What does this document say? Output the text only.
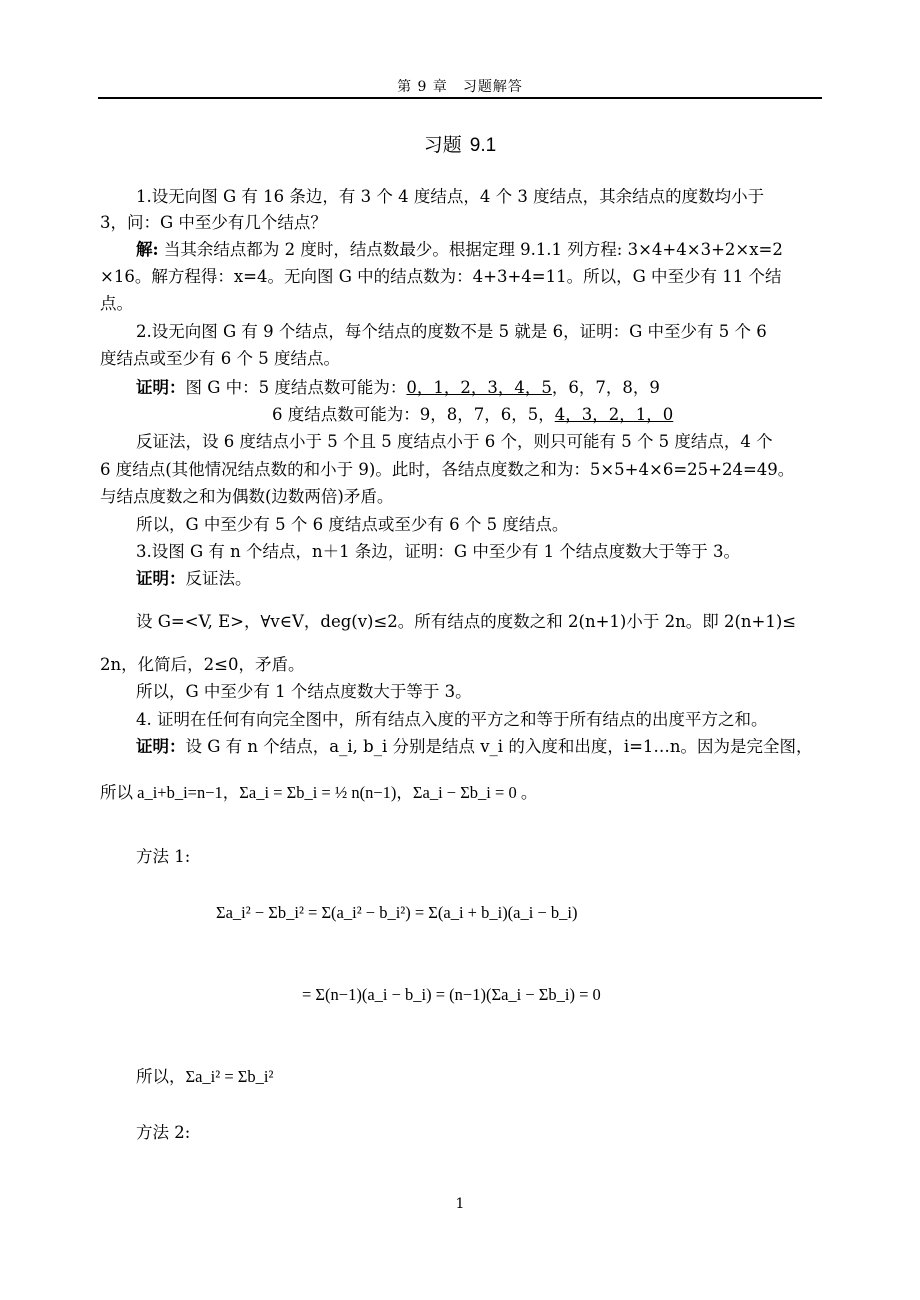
第 9 章　习题解答
习题 9.1
1.设无向图 G 有 16 条边，有 3 个 4 度结点，4 个 3 度结点，其余结点的度数均小于
3，问：G 中至少有几个结点？
解: 当其余结点都为 2 度时，结点数最少。根据定理 9.1.1 列方程: 3×4+4×3+2×x=2
×16。解方程得：x=4。无向图 G 中的结点数为：4+3+4=11。所以，G 中至少有 11 个结
点。
2.设无向图 G 有 9 个结点，每个结点的度数不是 5 就是 6，证明：G 中至少有 5 个 6
度结点或至少有 6 个 5 度结点。
证明：图 G 中：5 度结点数可能为：0，1，2，3，4，5，6，7，8，9
6 度结点数可能为：9，8，7，6，5，4，3，2，1，0
反证法，设 6 度结点小于 5 个且 5 度结点小于 6 个，则只可能有 5 个 5 度结点，4 个
6 度结点(其他情况结点数的和小于 9)。此时，各结点度数之和为：5×5+4×6=25+24=49。
与结点度数之和为偶数(边数两倍)矛盾。
所以，G 中至少有 5 个 6 度结点或至少有 6 个 5 度结点。
3.设图 G 有 n 个结点，n＋1 条边，证明：G 中至少有 1 个结点度数大于等于 3。
证明：反证法。
设 G=<V, E>，∀v∈V，deg(v)≤2。所有结点的度数之和 2(n+1)小于 2n。即 2(n+1)≤
2n，化简后，2≤0，矛盾。
所以，G 中至少有 1 个结点度数大于等于 3。
4. 证明在任何有向完全图中，所有结点入度的平方之和等于所有结点的出度平方之和。
证明：设 G 有 n 个结点，a_i, b_i 分别是结点 v_i 的入度和出度，i=1…n。因为是完全图，
所以 a_i+b_i=n−1，Σa_i = Σb_i = ½ n(n−1)，Σa_i − Σb_i = 0 。
方法 1:
Σa_i² − Σb_i² = Σ(a_i² − b_i²) = Σ(a_i + b_i)(a_i − b_i)
= Σ(n−1)(a_i − b_i) = (n−1)(Σa_i − Σb_i) = 0
所以，Σa_i² = Σb_i²
方法 2:
1
